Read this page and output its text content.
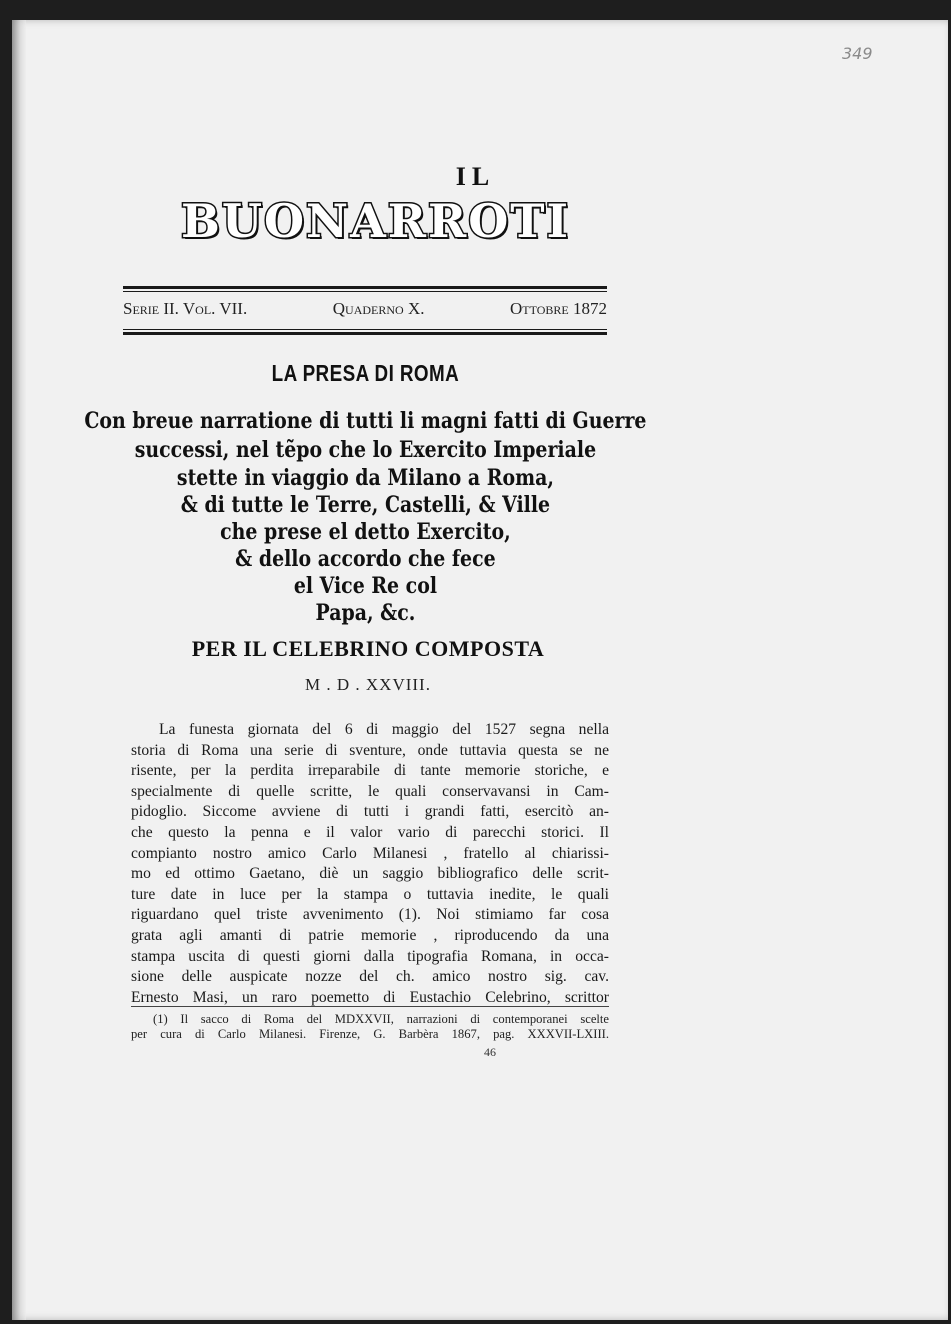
349
IL
BUONARROTI
Serie II. Vol. VII.	Quaderno X.	Ottobre 1872
LA PRESA DI ROMA
Con breue narratione di tutti li magni fatti di Guerre
successi, nel tẽpo che lo Exercito Imperiale
stette in viaggio da Milano a Roma,
& di tutte le Terre, Castelli, & Ville
che prese el detto Exercito,
& dello accordo che fece
el Vice Re col
Papa, &c.
PER IL CELEBRINO COMPOSTA
M . D . XXVIII.
La funesta giornata del 6 di maggio del 1527 segna nella
storia di Roma una serie di sventure, onde tuttavia questa se ne
risente, per la perdita irreparabile di tante memorie storiche, e
specialmente di quelle scritte, le quali conservavansi in Cam-
pidoglio. Siccome avviene di tutti i grandi fatti, esercitò an-
che questo la penna e il valor vario di parecchi storici. Il
compianto nostro amico Carlo Milanesi , fratello al chiarissi-
mo ed ottimo Gaetano, diè un saggio bibliografico delle scrit-
ture date in luce per la stampa o tuttavia inedite, le quali
riguardano quel triste avvenimento (1). Noi stimiamo far cosa
grata agli amanti di patrie memorie , riproducendo da una
stampa uscita di questi giorni dalla tipografia Romana, in occa-
sione delle auspicate nozze del ch. amico nostro sig. cav.
Ernesto Masi, un raro poemetto di Eustachio Celebrino, scrittor
(1) Il sacco di Roma del MDXXVII, narrazioni di contemporanei scelte
per cura di Carlo Milanesi. Firenze, G. Barbèra 1867, pag. XXXVII-LXIII.
46
